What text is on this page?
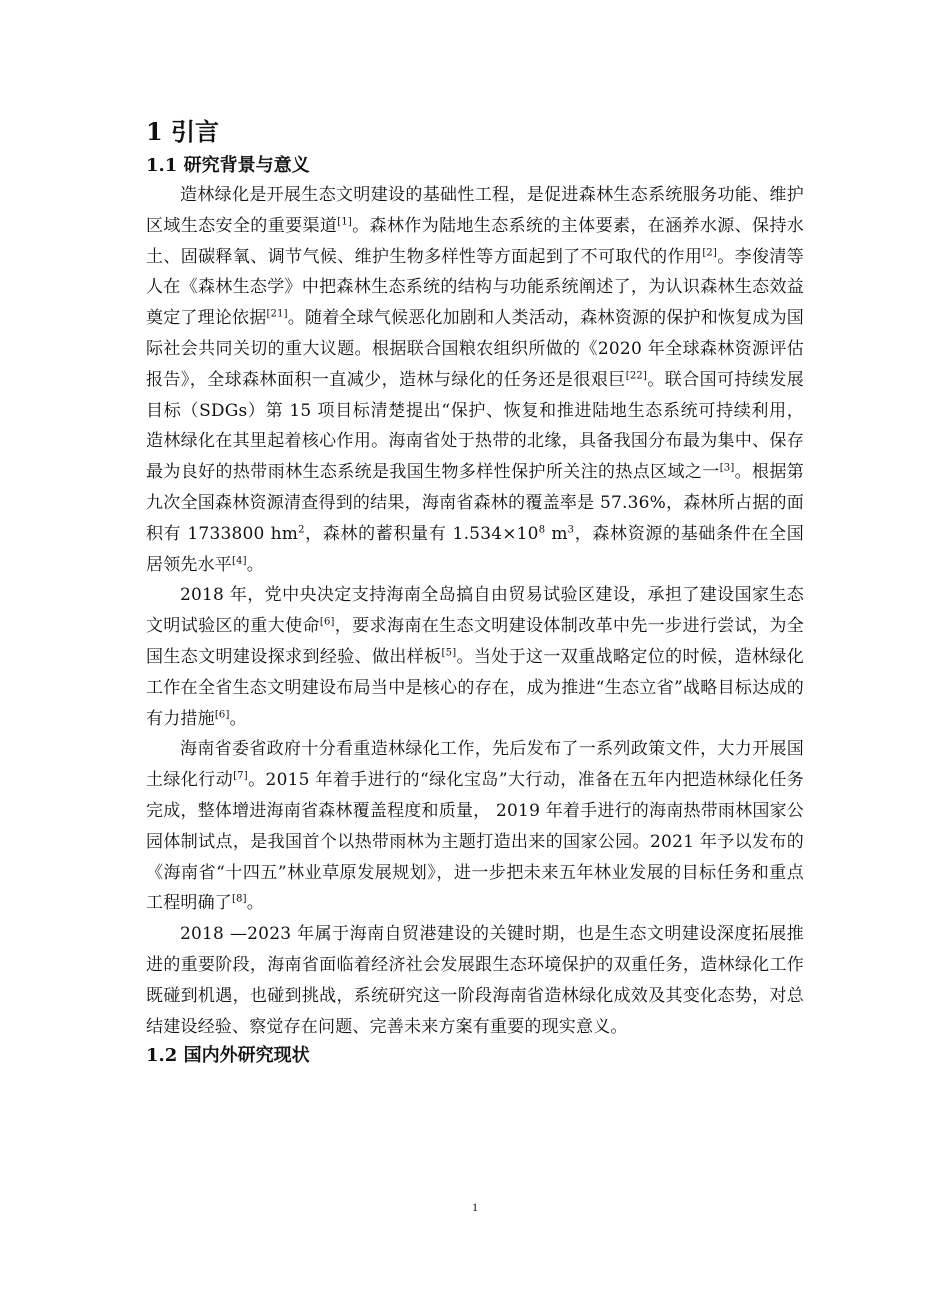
1 引言
1.1 研究背景与意义

造林绿化是开展生态文明建设的基础性工程，是促进森林生态系统服务功能、维护区域生态安全的重要渠道[1]。森林作为陆地生态系统的主体要素，在涵养水源、保持水土、固碳释氧、调节气候、维护生物多样性等方面起到了不可取代的作用[2]。李俊清等人在《森林生态学》中把森林生态系统的结构与功能系统阐述了，为认识森林生态效益奠定了理论依据[21]。随着全球气候恶化加剧和人类活动，森林资源的保护和恢复成为国际社会共同关切的重大议题。根据联合国粮农组织所做的《2020 年全球森林资源评估报告》，全球森林面积一直减少，造林与绿化的任务还是很艰巨[22]。联合国可持续发展目标（SDGs）第 15 项目标清楚提出“保护、恢复和推进陆地生态系统可持续利用，造林绿化在其里起着核心作用。海南省处于热带的北缘，具备我国分布最为集中、保存最为良好的热带雨林生态系统是我国生物多样性保护所关注的热点区域之一[3]。根据第九次全国森林资源清查得到的结果，海南省森林的覆盖率是 57.36%，森林所占据的面积有 1733800 $hm^2$，森林的蓄积量有 $1.534\times 10^8$ $m^3$，森林资源的基础条件在全国居领先水平[4]。

2018 年，党中央决定支持海南全岛搞自由贸易试验区建设，承担了建设国家生态文明试验区的重大使命[6]，要求海南在生态文明建设体制改革中先一步进行尝试，为全国生态文明建设探求到经验、做出样板[5]。当处于这一双重战略定位的时候，造林绿化工作在全省生态文明建设布局当中是核心的存在，成为推进“生态立省”战略目标达成的有力措施[6]。

海南省委省政府十分看重造林绿化工作，先后发布了一系列政策文件，大力开展国土绿化行动[7]。2015 年着手进行的“绿化宝岛”大行动，准备在五年内把造林绿化任务完成，整体增进海南省森林覆盖程度和质量， 2019 年着手进行的海南热带雨林国家公园体制试点，是我国首个以热带雨林为主题打造出来的国家公园。2021 年予以发布的《海南省“十四五”林业草原发展规划》，进一步把未来五年林业发展的目标任务和重点工程明确了[8]。

2018 —2023 年属于海南自贸港建设的关键时期，也是生态文明建设深度拓展推进的重要阶段，海南省面临着经济社会发展跟生态环境保护的双重任务，造林绿化工作既碰到机遇，也碰到挑战，系统研究这一阶段海南省造林绿化成效及其变化态势，对总结建设经验、察觉存在问题、完善未来方案有重要的现实意义。

1.2 国内外研究现状
1
